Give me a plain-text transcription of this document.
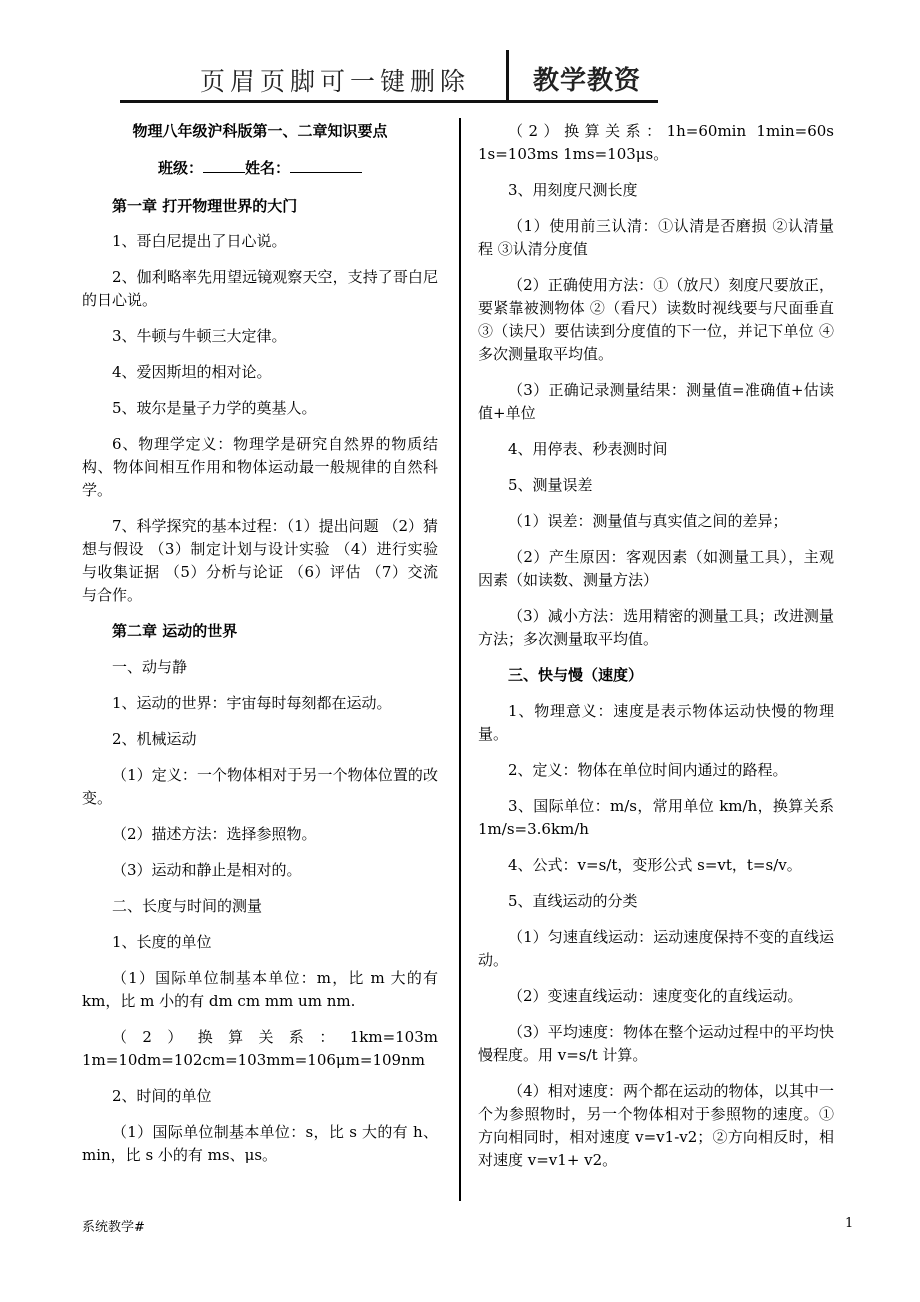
页眉页脚可一键删除 教学教资

物理八年级沪科版第一、二章知识要点

班级：	姓名：

第一章 打开物理世界的大门

1、哥白尼提出了日心说。

2、伽利略率先用望远镜观察天空，支持了哥白尼的日心说。

3、牛顿与牛顿三大定律。

4、爱因斯坦的相对论。

5、玻尔是量子力学的奠基人。

6、物理学定义：物理学是研究自然界的物质结构、物体间相互作用和物体运动最一般规律的自然科学。

7、科学探究的基本过程：（1）提出问题 （2）猜想与假设 （3）制定计划与设计实验 （4）进行实验与收集证据 （5）分析与论证 （6）评估 （7）交流与合作。

第二章 运动的世界

一、动与静

1、运动的世界：宇宙每时每刻都在运动。

2、机械运动

（1）定义：一个物体相对于另一个物体位置的改变。

（2）描述方法：选择参照物。

（3）运动和静止是相对的。

二、长度与时间的测量

1、长度的单位

（1）国际单位制基本单位：m，比 m 大的有 km，比 m 小的有 dm cm mm um nm.

（2）换算关系：1km=103m 1m=10dm=102cm=103mm=106μm=109nm

2、时间的单位

（1）国际单位制基本单位：s，比 s 大的有 h、min，比 s 小的有 ms、μs。

（2）换算关系：1h=60min 1min=60s 1s=103ms 1ms=103μs。

3、用刻度尺测长度

（1）使用前三认清：①认清是否磨损 ②认清量程 ③认清分度值

（2）正确使用方法：①（放尺）刻度尺要放正，要紧靠被测物体 ②（看尺）读数时视线要与尺面垂直 ③（读尺）要估读到分度值的下一位，并记下单位 ④多次测量取平均值。

（3）正确记录测量结果：测量值=准确值+估读值+单位

4、用停表、秒表测时间

5、测量误差

（1）误差：测量值与真实值之间的差异；

（2）产生原因：客观因素（如测量工具），主观因素（如读数、测量方法）

（3）减小方法：选用精密的测量工具；改进测量方法；多次测量取平均值。

三、快与慢（速度）

1、物理意义：速度是表示物体运动快慢的物理量。

2、定义：物体在单位时间内通过的路程。

3、国际单位：m/s，常用单位 km/h，换算关系 1m/s=3.6km/h

4、公式：v=s/t，变形公式 s=vt，t=s/v。

5、直线运动的分类

（1）匀速直线运动：运动速度保持不变的直线运动。

（2）变速直线运动：速度变化的直线运动。

（3）平均速度：物体在整个运动过程中的平均快慢程度。用 v=s/t 计算。

（4）相对速度：两个都在运动的物体，以其中一个为参照物时，另一个物体相对于参照物的速度。①方向相同时，相对速度 v=v1-v2；②方向相反时，相对速度 v=v1+ v2。

系统教学#	1
